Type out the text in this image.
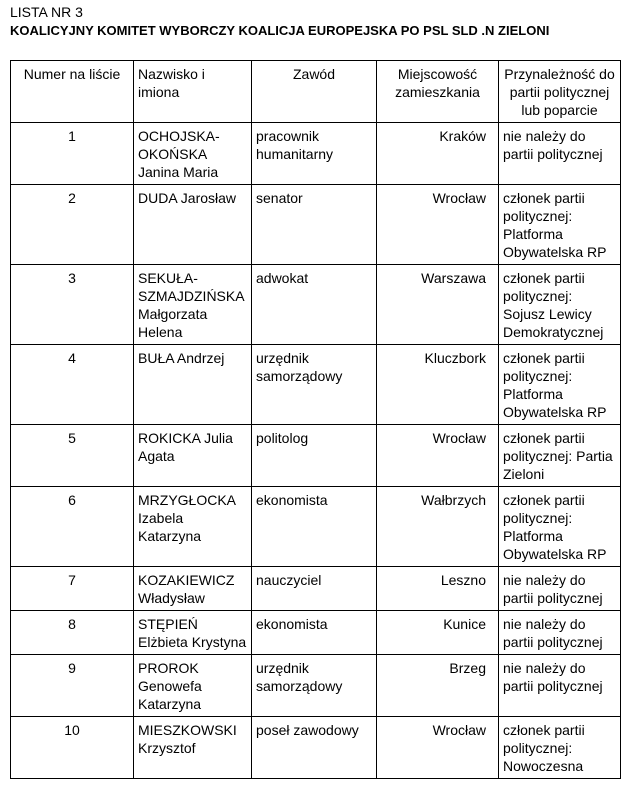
LISTA NR 3
KOALICYJNY KOMITET WYBORCZY KOALICJA EUROPEJSKA PO PSL SLD .N ZIELONI
Numer na liście	Nazwisko i imiona	Zawód	Miejscowość zamieszkania	Przynależność do partii politycznej lub poparcie
1	OCHOJSKA-OKOŃSKA Janina Maria	pracownik humanitarny	Kraków	nie należy do partii politycznej
2	DUDA Jarosław	senator	Wrocław	członek partii politycznej: Platforma Obywatelska RP
3	SEKUŁA-SZMAJDZIŃSKA Małgorzata Helena	adwokat	Warszawa	członek partii politycznej: Sojusz Lewicy Demokratycznej
4	BUŁA Andrzej	urzędnik samorządowy	Kluczbork	członek partii politycznej: Platforma Obywatelska RP
5	ROKICKA Julia Agata	politolog	Wrocław	członek partii politycznej: Partia Zieloni
6	MRZYGŁOCKA Izabela Katarzyna	ekonomista	Wałbrzych	członek partii politycznej: Platforma Obywatelska RP
7	KOZAKIEWICZ Władysław	nauczyciel	Leszno	nie należy do partii politycznej
8	STĘPIEŃ Elżbieta Krystyna	ekonomista	Kunice	nie należy do partii politycznej
9	PROROK Genowefa Katarzyna	urzędnik samorządowy	Brzeg	nie należy do partii politycznej
10	MIESZKOWSKI Krzysztof	poseł zawodowy	Wrocław	członek partii politycznej: Nowoczesna
